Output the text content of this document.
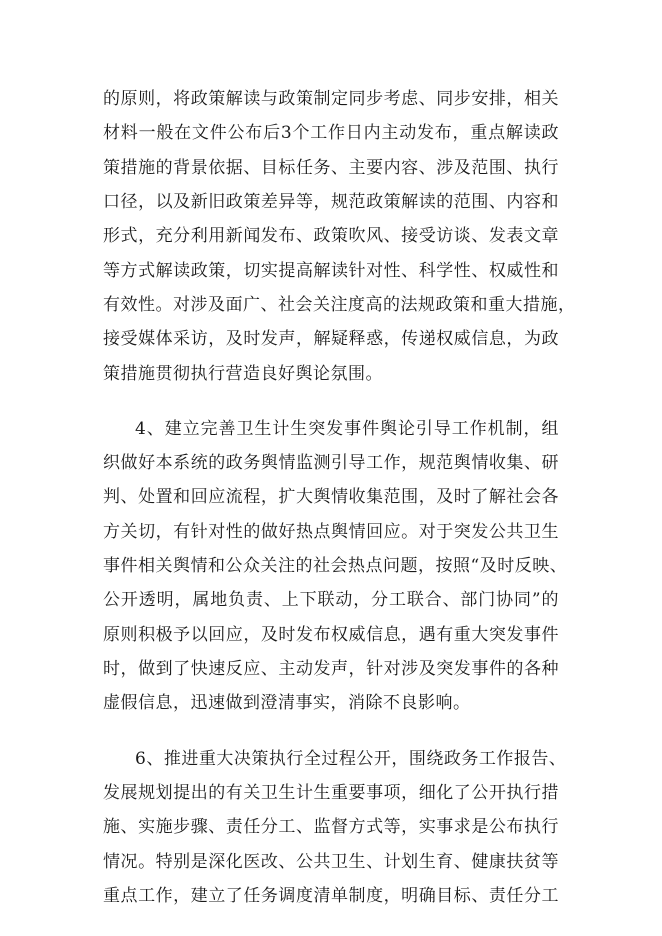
的原则，将政策解读与政策制定同步考虑、同步安排，相关
材料一般在文件公布后3个工作日内主动发布，重点解读政
策措施的背景依据、目标任务、主要内容、涉及范围、执行
口径，以及新旧政策差异等，规范政策解读的范围、内容和
形式，充分利用新闻发布、政策吹风、接受访谈、发表文章
等方式解读政策，切实提高解读针对性、科学性、权威性和
有效性。对涉及面广、社会关注度高的法规政策和重大措施，
接受媒体采访，及时发声，解疑释惑，传递权威信息，为政
策措施贯彻执行营造良好舆论氛围。
4、建立完善卫生计生突发事件舆论引导工作机制，组
织做好本系统的政务舆情监测引导工作，规范舆情收集、研
判、处置和回应流程，扩大舆情收集范围，及时了解社会各
方关切，有针对性的做好热点舆情回应。对于突发公共卫生
事件相关舆情和公众关注的社会热点问题，按照“及时反映、
公开透明，属地负责、上下联动，分工联合、部门协同”的
原则积极予以回应，及时发布权威信息，遇有重大突发事件
时，做到了快速反应、主动发声，针对涉及突发事件的各种
虚假信息，迅速做到澄清事实，消除不良影响。
6、推进重大决策执行全过程公开，围绕政务工作报告、
发展规划提出的有关卫生计生重要事项，细化了公开执行措
施、实施步骤、责任分工、监督方式等，实事求是公布执行
情况。特别是深化医改、公共卫生、计划生育、健康扶贫等
重点工作，建立了任务调度清单制度，明确目标、责任分工
